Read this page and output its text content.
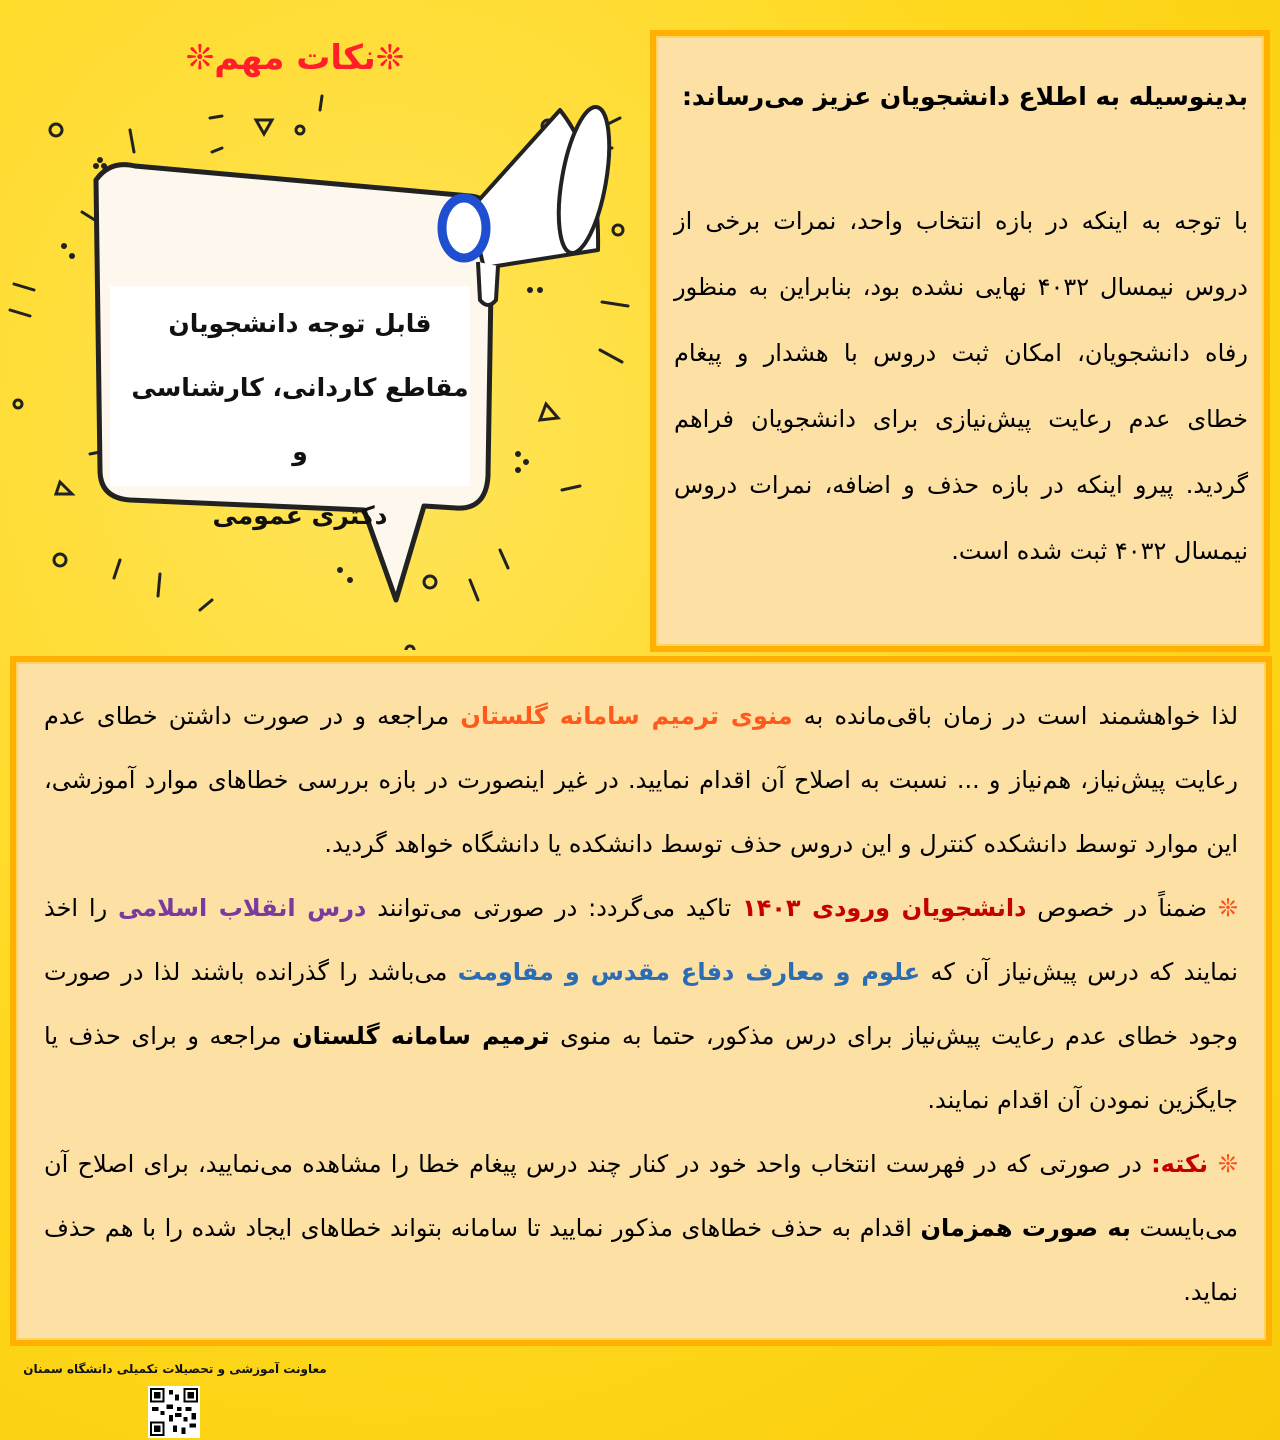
❊نکات مهم❊
قابل توجه دانشجویان
مقاطع کاردانی، کارشناسی و
دکتری عمومی

بدینوسیله به اطلاع دانشجویان عزیز می‌رساند:

با توجه به اینکه در بازه انتخاب واحد، نمرات برخی از دروس نیمسال ۴۰۳۲ نهایی نشده بود، بنابراین به منظور رفاه دانشجویان، امکان ثبت دروس با هشدار و پیغام خطای عدم رعایت پیش‌نیازی برای دانشجویان فراهم گردید. پیرو اینکه در بازه حذف و اضافه، نمرات دروس نیمسال ۴۰۳۲ ثبت شده است.

لذا خواهشمند است در زمان باقی‌مانده به منوی ترمیم سامانه گلستان مراجعه و در صورت داشتن خطای عدم رعایت پیش‌نیاز، هم‌نیاز و ... نسبت به اصلاح آن اقدام نمایید. در غیر اینصورت در بازه بررسی خطاهای موارد آموزشی، این موارد توسط دانشکده کنترل و این دروس حذف توسط دانشکده یا دانشگاه خواهد گردید.

❊ ضمناً در خصوص دانشجویان ورودی ۱۴۰۳ تاکید می‌گردد: در صورتی می‌توانند درس انقلاب اسلامی را اخذ نمایند که درس پیش‌نیاز آن که علوم و معارف دفاع مقدس و مقاومت می‌باشد را گذرانده باشند لذا در صورت وجود خطای عدم رعایت پیش‌نیاز برای درس مذکور، حتما به منوی ترمیم سامانه گلستان مراجعه و برای حذف یا جایگزین نمودن آن اقدام نمایند.

❊ نکته: در صورتی که در فهرست انتخاب واحد خود در کنار چند درس پیغام خطا را مشاهده می‌نمایید، برای اصلاح آن می‌بایست به صورت همزمان اقدام به حذف خطاهای مذکور نمایید تا سامانه بتواند خطاهای ایجاد شده را با هم حذف نماید.

معاونت آموزشی و تحصیلات تکمیلی دانشگاه سمنان
